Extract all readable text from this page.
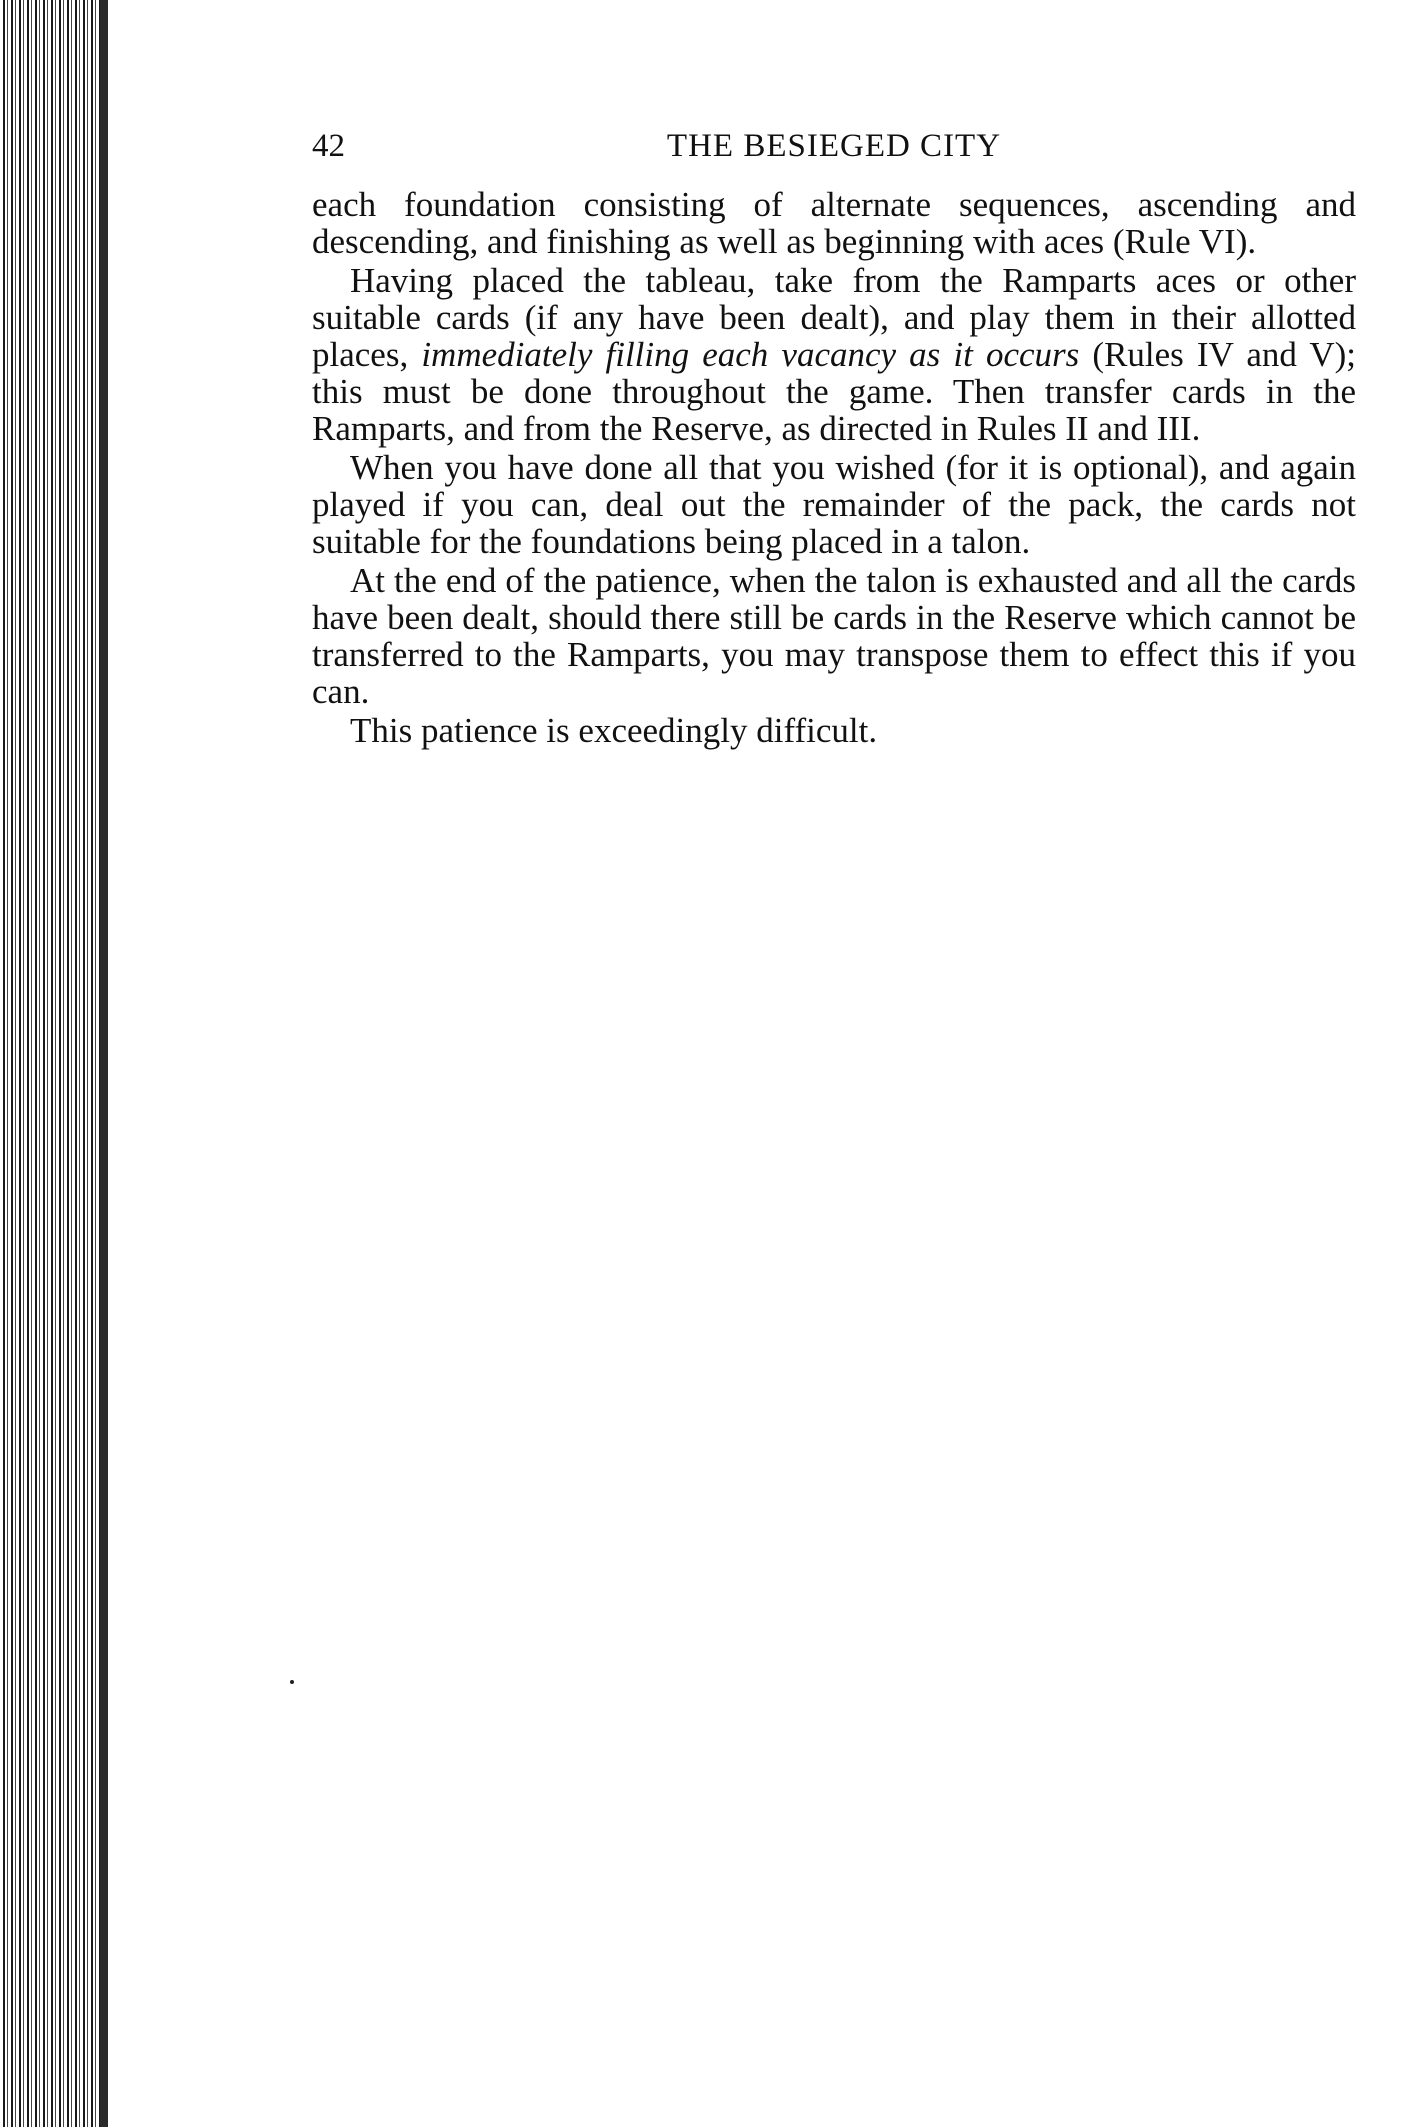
42	THE BESIEGED CITY

each foundation consisting of alternate sequences, ascending and descending, and finishing as well as beginning with aces (Rule VI).

Having placed the tableau, take from the Ramparts aces or other suitable cards (if any have been dealt), and play them in their allotted places, immediately filling each vacancy as it occurs (Rules IV and V); this must be done throughout the game. Then transfer cards in the Ramparts, and from the Reserve, as directed in Rules II and III.

When you have done all that you wished (for it is optional), and again played if you can, deal out the remainder of the pack, the cards not suitable for the foundations being placed in a talon.

At the end of the patience, when the talon is exhausted and all the cards have been dealt, should there still be cards in the Reserve which cannot be transferred to the Ramparts, you may transpose them to effect this if you can.

This patience is exceedingly difficult.
